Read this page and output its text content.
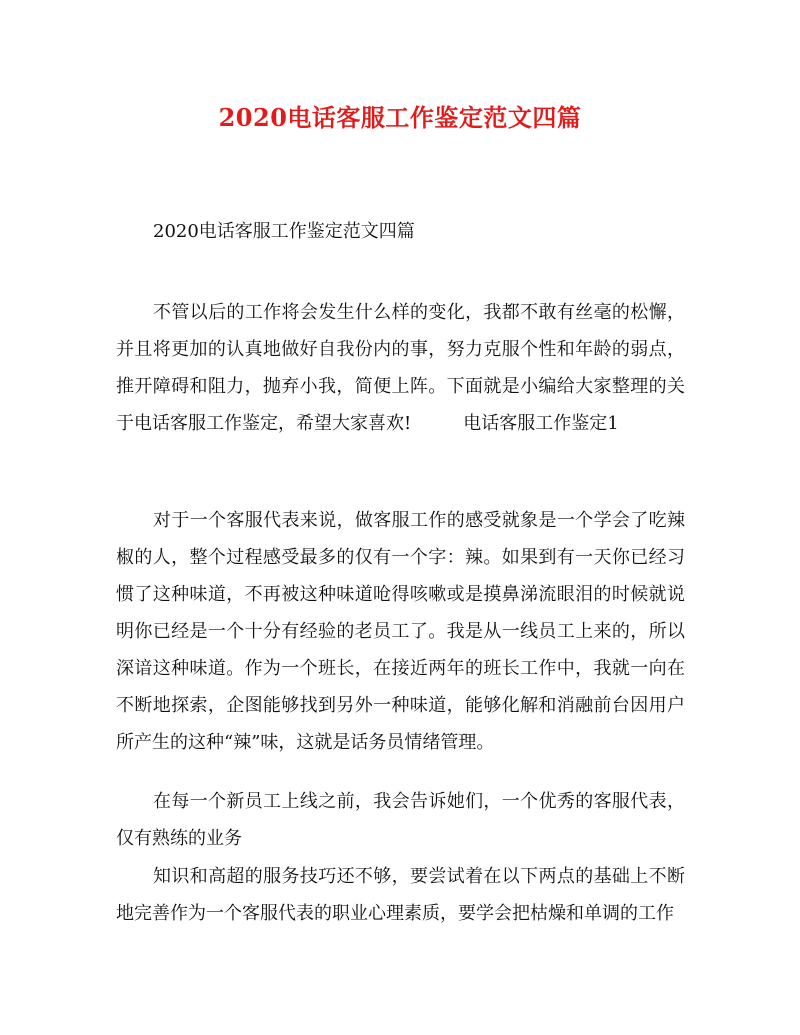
2020电话客服工作鉴定范文四篇

2020电话客服工作鉴定范文四篇

不管以后的工作将会发生什么样的变化，我都不敢有丝毫的松懈，并且将更加的认真地做好自我份内的事，努力克服个性和年龄的弱点，推开障碍和阻力，抛弃小我，简便上阵。下面就是小编给大家整理的关于电话客服工作鉴定，希望大家喜欢!	电话客服工作鉴定1

对于一个客服代表来说，做客服工作的感受就象是一个学会了吃辣椒的人，整个过程感受最多的仅有一个字：辣。如果到有一天你已经习惯了这种味道，不再被这种味道呛得咳嗽或是摸鼻涕流眼泪的时候就说明你已经是一个十分有经验的老员工了。我是从一线员工上来的，所以深谙这种味道。作为一个班长，在接近两年的班长工作中，我就一向在不断地探索，企图能够找到另外一种味道，能够化解和消融前台因用户所产生的这种“辣”味，这就是话务员情绪管理。

在每一个新员工上线之前，我会告诉她们，一个优秀的客服代表，仅有熟练的业务

知识和高超的服务技巧还不够，要尝试着在以下两点的基础上不断地完善作为一个客服代表的职业心理素质，要学会把枯燥和单调的工作
